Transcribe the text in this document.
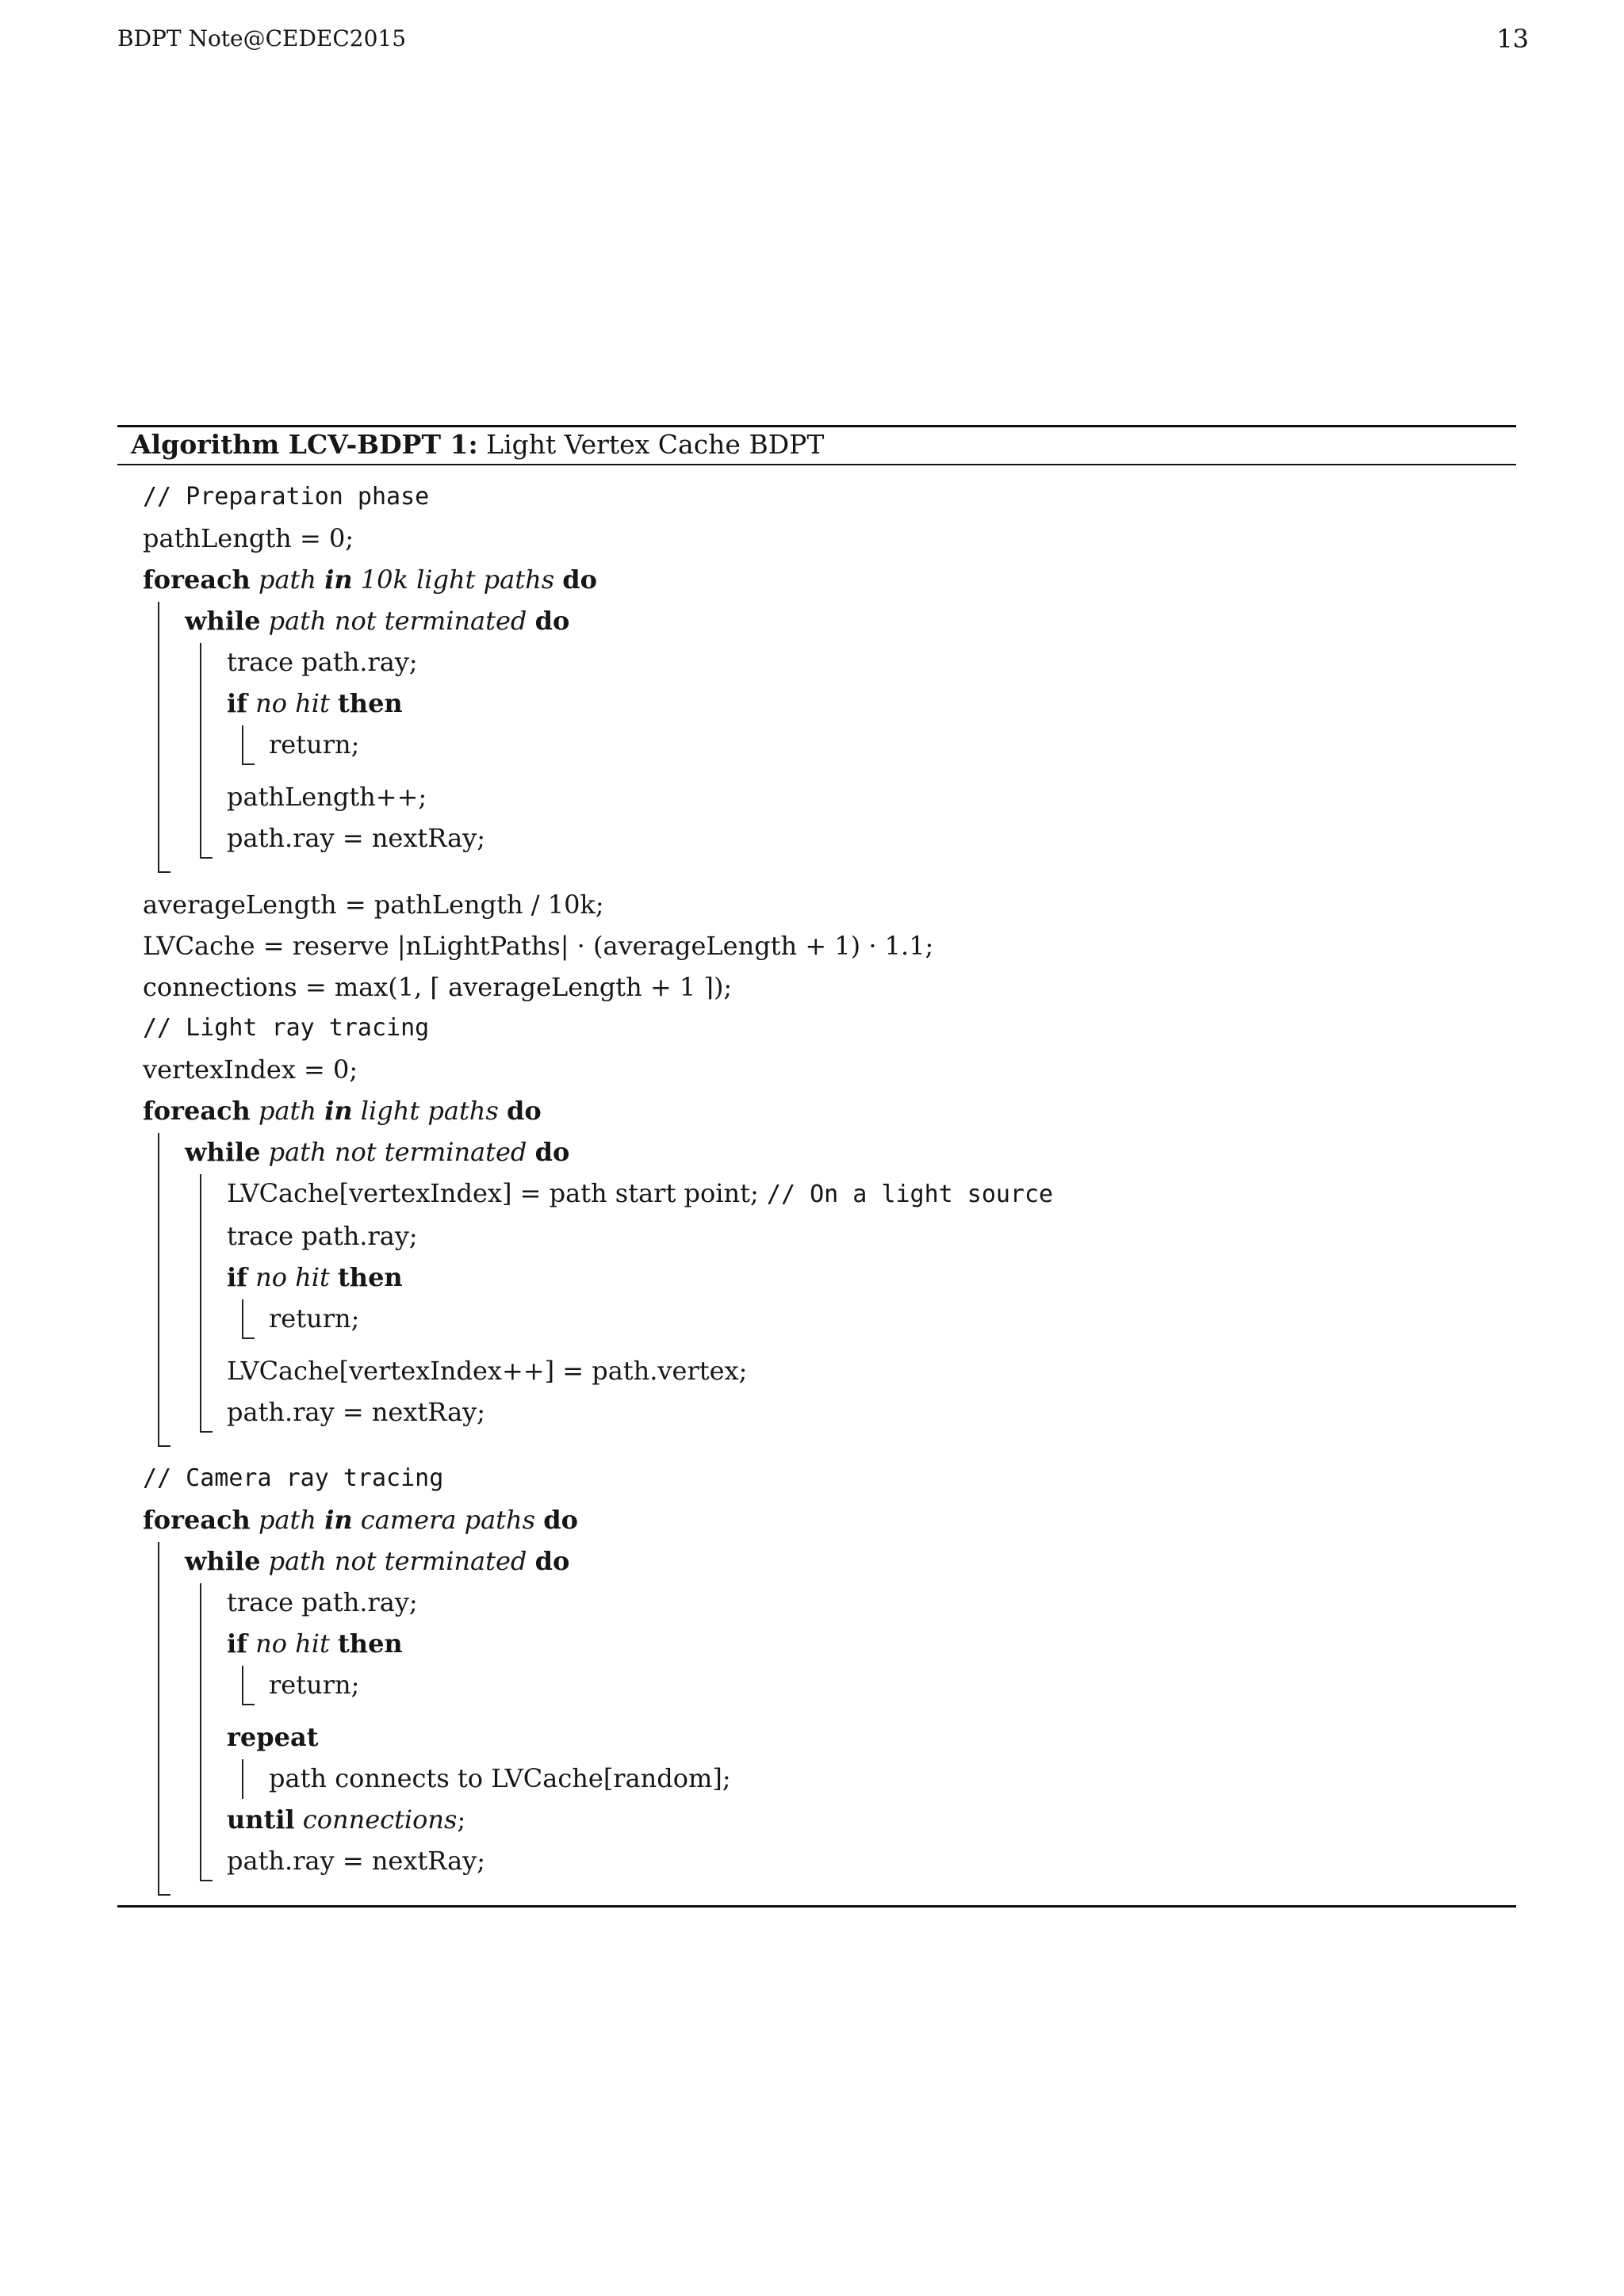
BDPT Note@CEDEC2015	13
Algorithm LCV-BDPT 1: Light Vertex Cache BDPT
// Preparation phase
pathLength = 0;
foreach path in 10k light paths do
while path not terminated do
trace path.ray;
if no hit then
return;
pathLength++;
path.ray = nextRay;
averageLength = pathLength / 10k;
LVCache = reserve |nLightPaths| · (averageLength + 1) · 1.1;
connections = max(1, ⌈ averageLength + 1 ⌉);
// Light ray tracing
vertexIndex = 0;
foreach path in light paths do
while path not terminated do
LVCache[vertexIndex] = path start point; // On a light source
trace path.ray;
if no hit then
return;
LVCache[vertexIndex++] = path.vertex;
path.ray = nextRay;
// Camera ray tracing
foreach path in camera paths do
while path not terminated do
trace path.ray;
if no hit then
return;
repeat
path connects to LVCache[random];
until connections;
path.ray = nextRay;
